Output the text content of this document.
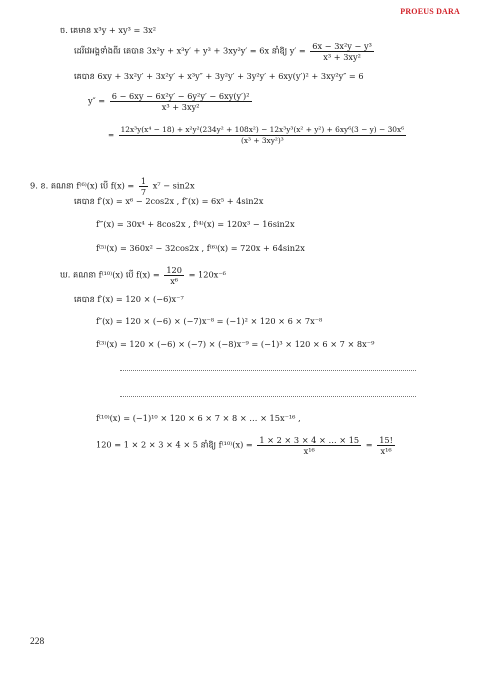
PROEUS DARA
ច. គេមាន x³y + xy³ = 3x²
ដេរីវេអង្គទាំងពីរ គេបាន 3x²y + x³y′ + y³ + 3xy²y′ = 6x នាំឱ្យ $y' = \frac{\text{6x − 3x²y − y³}}{\text{x³ + 3xy²}}$
គេបាន 6xy + 3x²y′ + 3x²y′ + x³y″ + 3y²y′ + 3y²y′ + 6xy(y′)² + 3xy²y″ = 6
$y'' = \frac{\text{6 − 6xy − 6x²y′ − 6y²y′ − 6xy(y′)²}}{\text{x³ + 3xy²}}$
=
12x³y(x⁴ − 18) + x²y²(234y² + 108x²) − 12x³y³(x² + y²) + 6xy⁶(3 − y) − 30x⁶
(x³ + 3xy²)³
9. ខ. គណនា f⁽⁶⁾(x) បើ $f(x) = \frac{1}{7} x^7 - \sin 2x$
គេបាន f′(x) = x⁶ − 2cos2x , f″(x) = 6x⁵ + 4sin2x
f‴(x) = 30x⁴ + 8cos2x , f⁽⁴⁾(x) = 120x³ − 16sin2x
f⁽⁵⁾(x) = 360x² − 32cos2x , f⁽⁶⁾(x) = 720x + 64sin2x
ឃ. គណនា f⁽¹⁰⁾(x) បើ $f(x) = \frac{120}{\text{x⁶}} = 120x^{-6}$
គេបាន f′(x) = 120 × (−6)x⁻⁷
f″(x) = 120 × (−6) × (−7)x⁻⁸ = (−1)² × 120 × 6 × 7x⁻⁸
f⁽³⁾(x) = 120 × (−6) × (−7) × (−8)x⁻⁹ = (−1)³ × 120 × 6 × 7 × 8x⁻⁹
f⁽¹⁰⁾(x) = (−1)¹⁰ × 120 × 6 × 7 × 8 × … × 15x⁻¹⁶ ,
120 = 1 × 2 × 3 × 4 × 5 នាំឱ្យ $f^{(10)}(x) = \frac{1 \times 2 \times 3 \times 4 \times \dots \times 15}{\text{x¹⁶}} = \frac{15!}{\text{x¹⁶}}$
228
